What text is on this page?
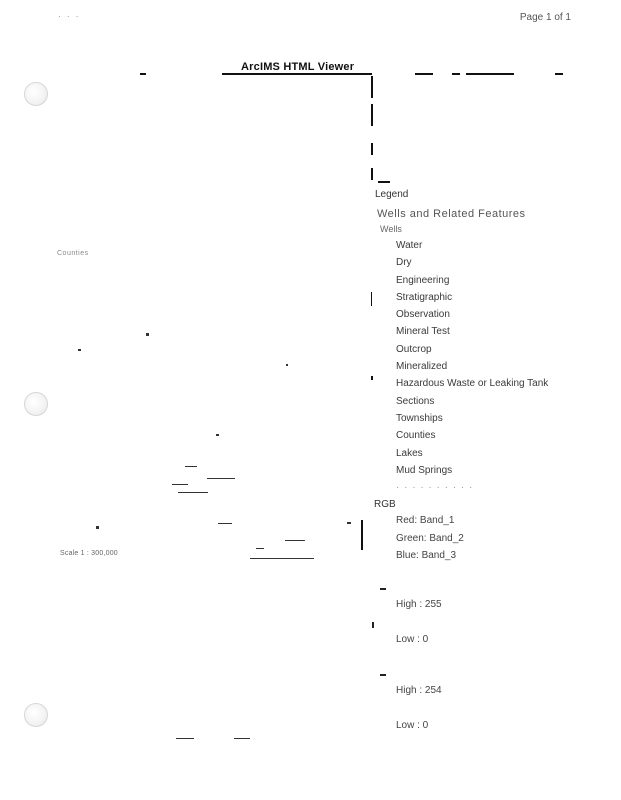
· · ·	Page 1 of 1
ArcIMS HTML Viewer
Counties
Scale 1 : 300,000
Legend
Wells and Related Features
Wells
Water
Dry
Engineering
Stratigraphic
Observation
Mineral Test
Outcrop
Mineralized
Hazardous Waste or Leaking Tank
Sections
Townships
Counties
Lakes
Mud Springs
· · · · · · · · · ·
RGB
Red: Band_1
Green: Band_2
Blue: Band_3
High : 255
Low : 0
High : 254
Low : 0
